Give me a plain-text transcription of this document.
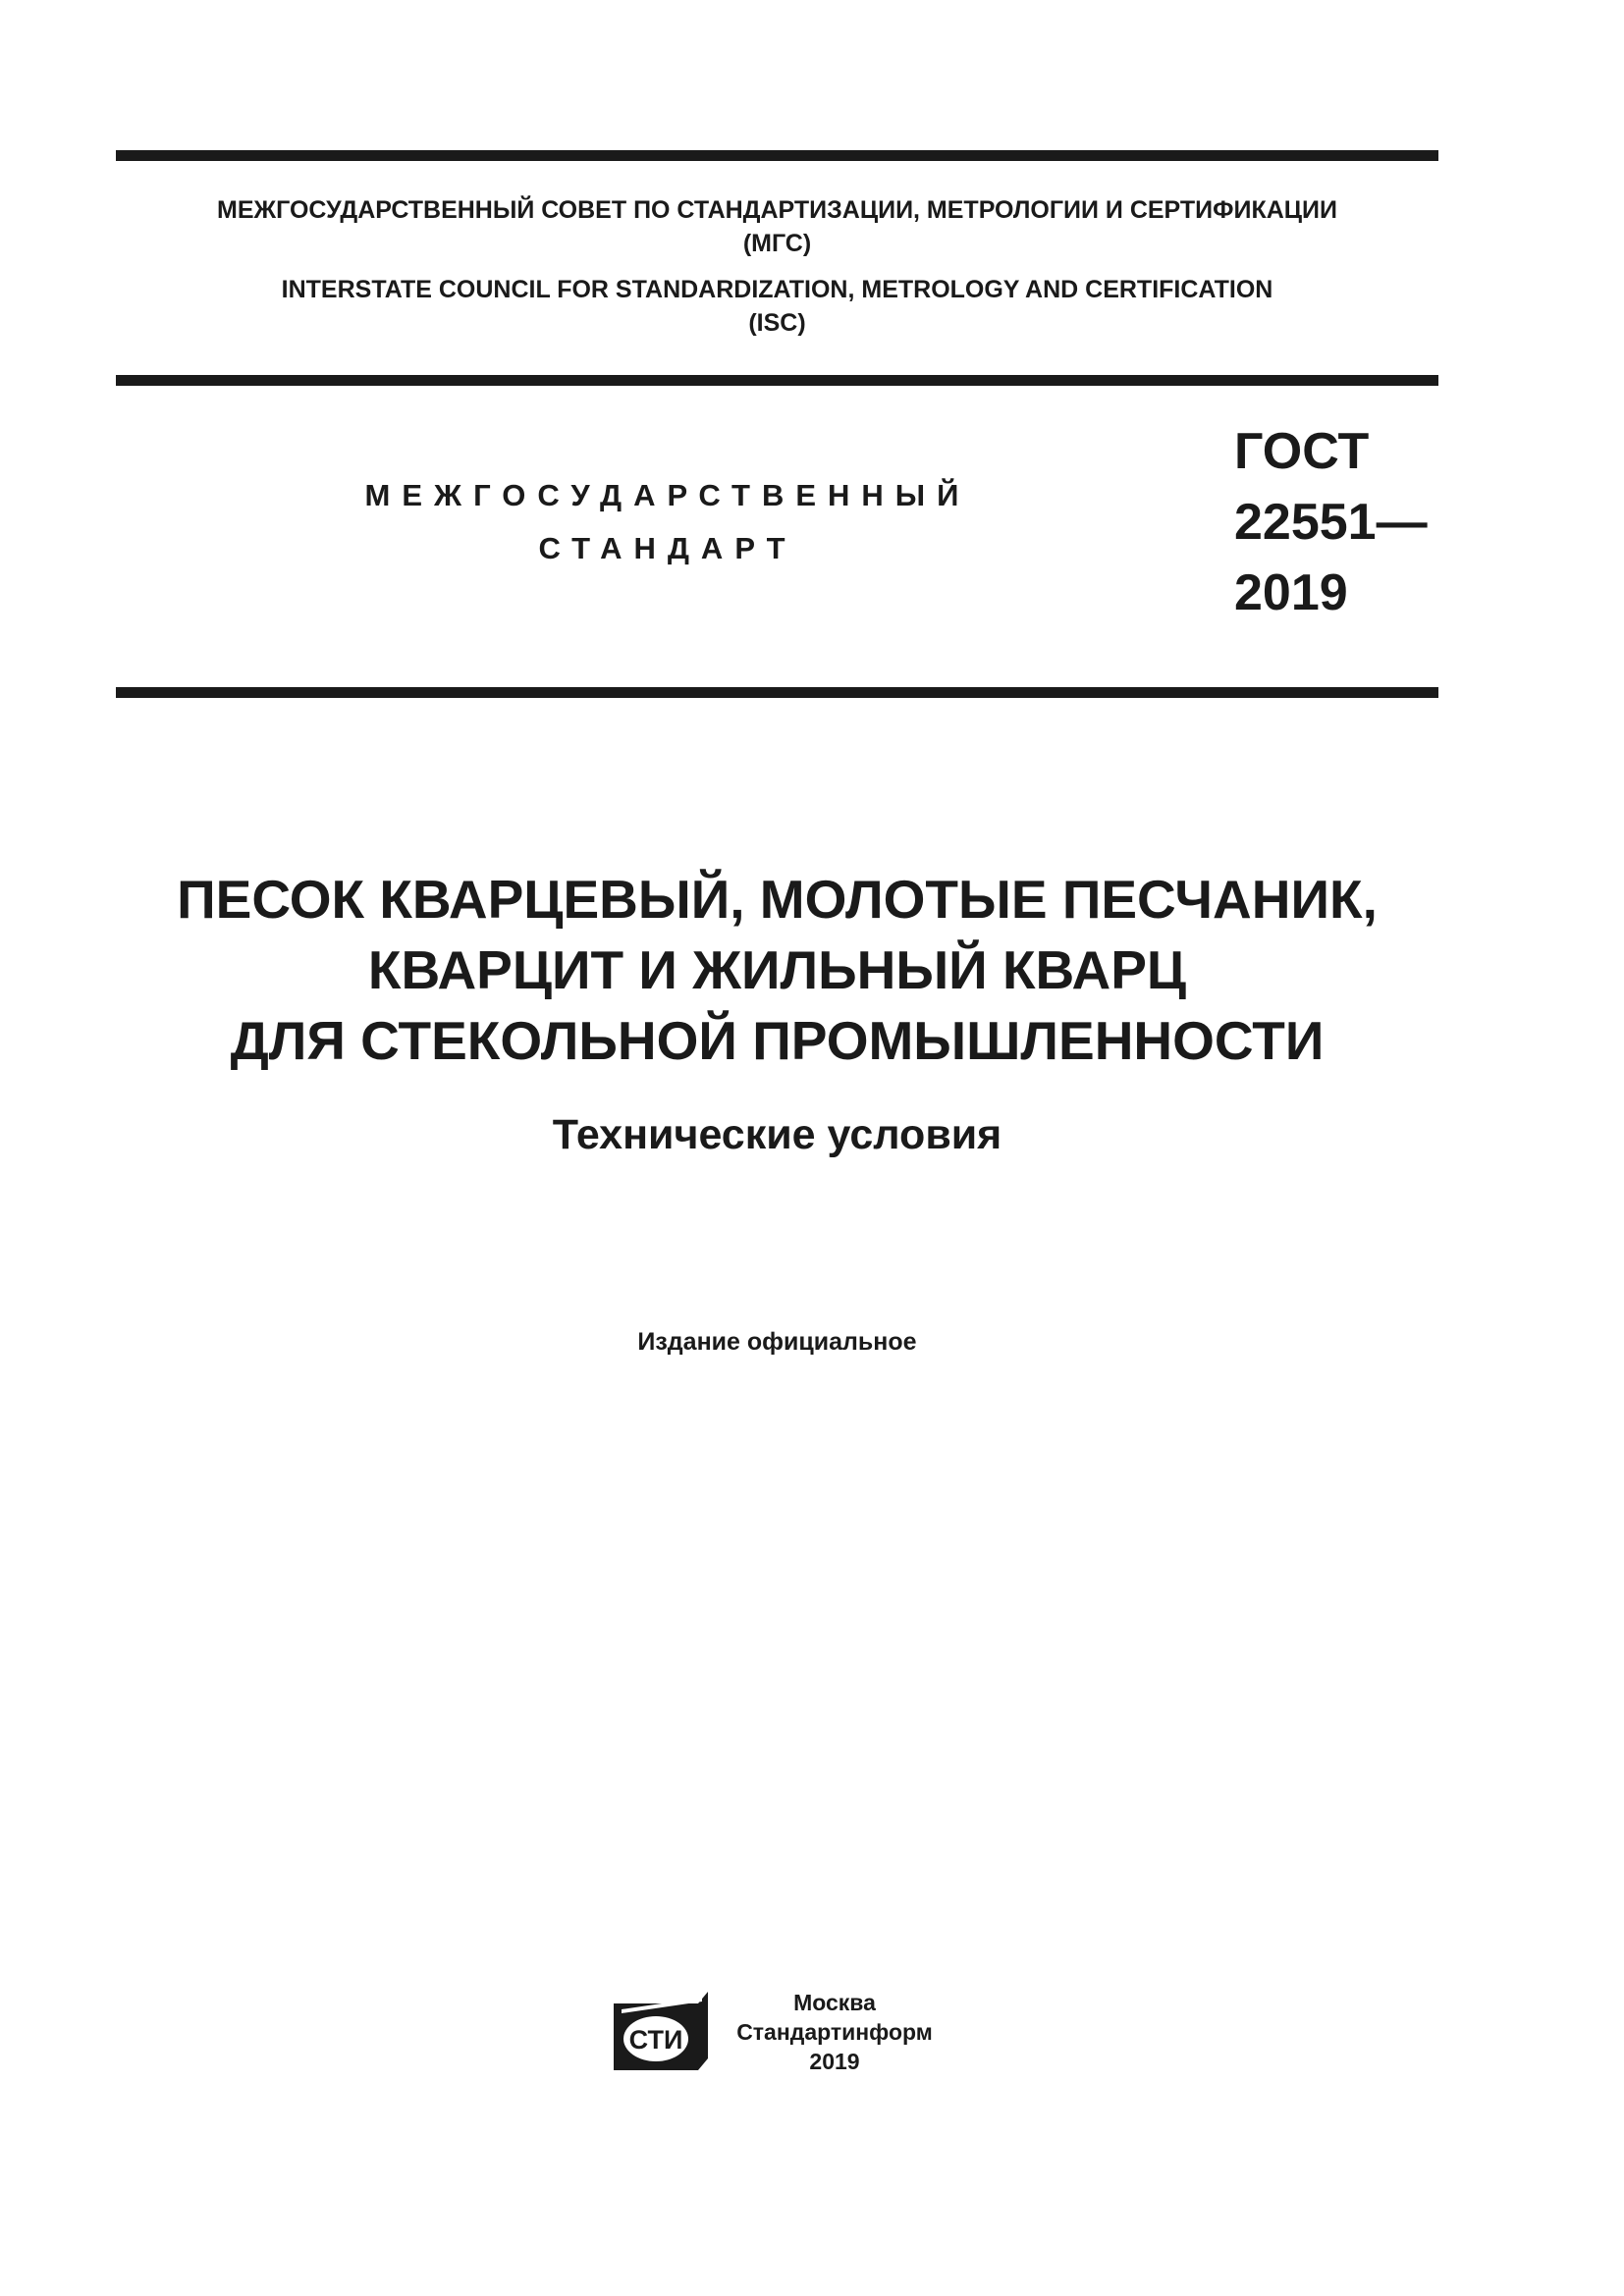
МЕЖГОСУДАРСТВЕННЫЙ СОВЕТ ПО СТАНДАРТИЗАЦИИ, МЕТРОЛОГИИ И СЕРТИФИКАЦИИ
(МГС)
INTERSTATE COUNCIL FOR STANDARDIZATION, METROLOGY AND CERTIFICATION
(ISC)
МЕЖГОСУДАРСТВЕННЫЙ
СТАНДАРТ
ГОСТ
22551—
2019
ПЕСОК КВАРЦЕВЫЙ, МОЛОТЫЕ ПЕСЧАНИК,
КВАРЦИТ И ЖИЛЬНЫЙ КВАРЦ
ДЛЯ СТЕКОЛЬНОЙ ПРОМЫШЛЕННОСТИ
Технические условия
Издание официальное
СТИ
Москва
Стандартинформ
2019
